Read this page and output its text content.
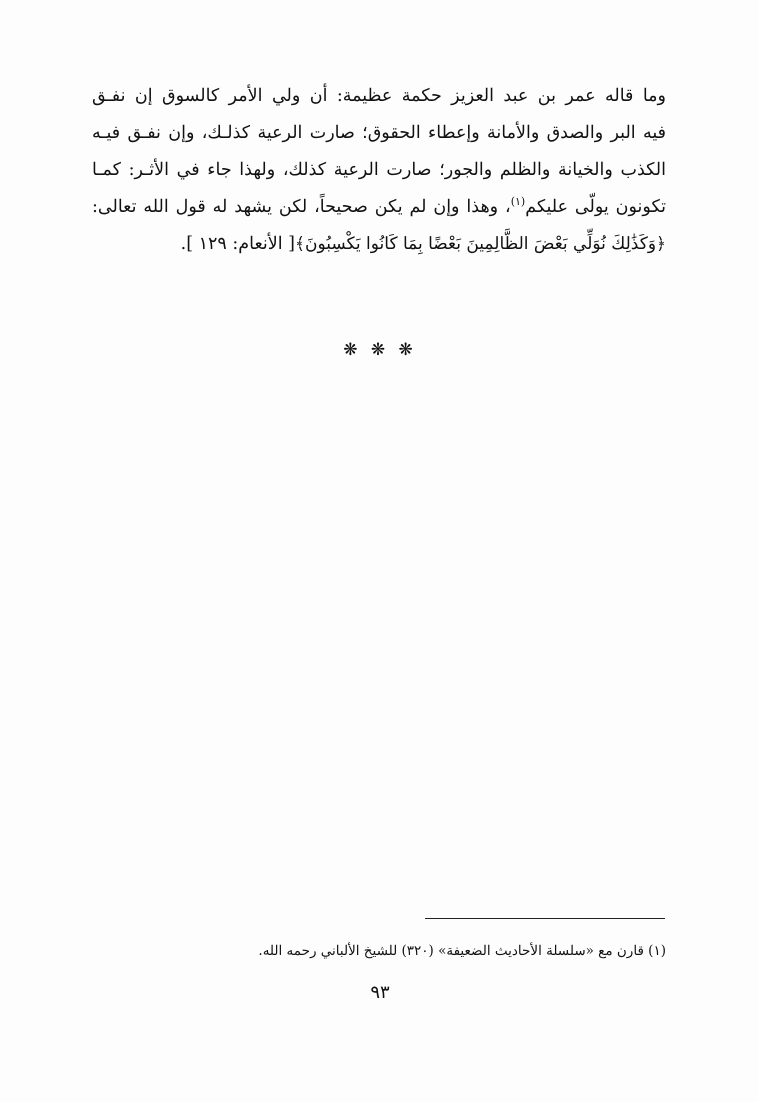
وما قاله عمر بن عبد العزيز حكمة عظيمة: أن ولي الأمر كالسوق إن نفـق
فيه البر والصدق والأمانة وإعطاء الحقوق؛ صارت الرعية كذلـك، وإن نفـق فيـه
الكذب والخيانة والظلم والجور؛ صارت الرعية كذلك، ولهذا جاء في الأثـر: كمـا
تكونون يولّى عليكم$^{(١)}$، وهذا وإن لم يكن صحيحاً، لكن يشهد له قول الله تعالى:
﴿وَكَذَٰلِكَ نُوَلِّي بَعْضَ الظَّالِمِينَ بَعْضًا بِمَا كَانُوا يَكْسِبُونَ﴾[ الأنعام: ١٢٩ ].
❋ ❋ ❋
(١) قارن مع «سلسلة الأحاديث الضعيفة» (٣٢٠) للشيخ الألباني رحمه الله.
٩٣
